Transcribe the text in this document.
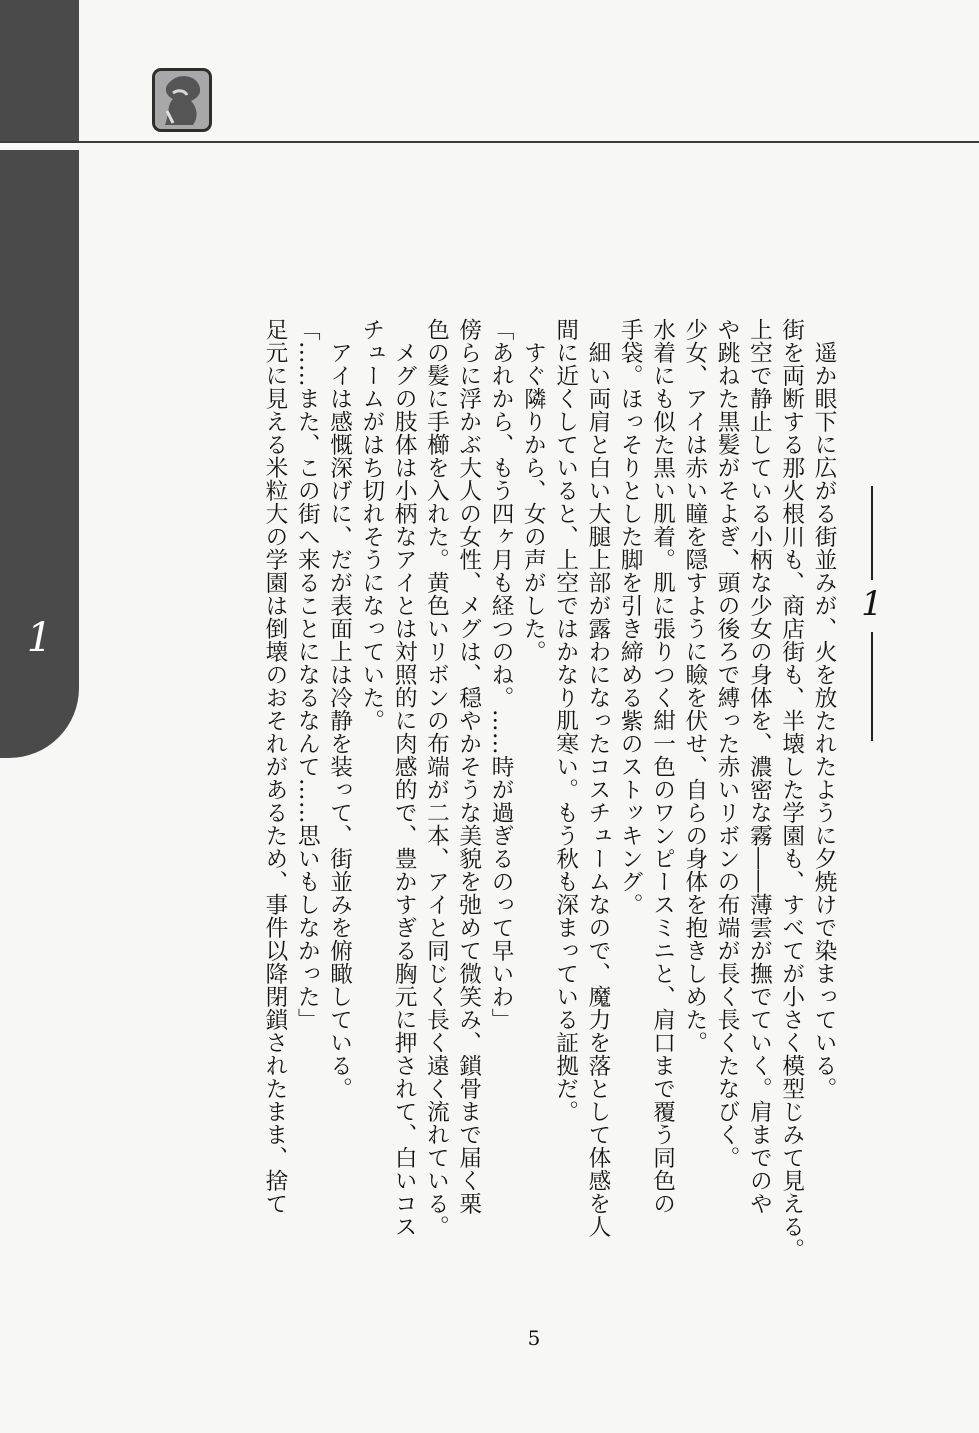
1
1

遥か眼下に広がる街並みが、火を放たれたように夕焼けで染まっている。

街を両断する那火根川も、商店街も、半壊した学園も、すべてが小さく模型じみて見える。

上空で静止している小柄な少女の身体を、濃密な霧――薄雲が撫でていく。肩までのや

や跳ねた黒髪がそよぎ、頭の後ろで縛った赤いリボンの布端が長く長くたなびく。

少女、アイは赤い瞳を隠すように瞼を伏せ、自らの身体を抱きしめた。

水着にも似た黒い肌着。肌に張りつく紺一色のワンピースミニと、肩口まで覆う同色の

手袋。ほっそりとした脚を引き締める紫のストッキング。

細い両肩と白い大腿上部が露わになったコスチュームなので、魔力を落として体感を人

間に近くしていると、上空ではかなり肌寒い。もう秋も深まっている証拠だ。

すぐ隣りから、女の声がした。

「あれから、もう四ヶ月も経つのね。……時が過ぎるのって早いわ」

傍らに浮かぶ大人の女性、メグは、穏やかそうな美貌を弛めて微笑み、鎖骨まで届く栗

色の髪に手櫛を入れた。黄色いリボンの布端が二本、アイと同じく長く遠く流れている。

メグの肢体は小柄なアイとは対照的に肉感的で、豊かすぎる胸元に押されて、白いコス

チュームがはち切れそうになっていた。

アイは感慨深げに、だが表面上は冷静を装って、街並みを俯瞰している。

「……また、この街へ来ることになるなんて……思いもしなかった」

足元に見える米粒大の学園は倒壊のおそれがあるため、事件以降閉鎖されたまま、捨て

5
